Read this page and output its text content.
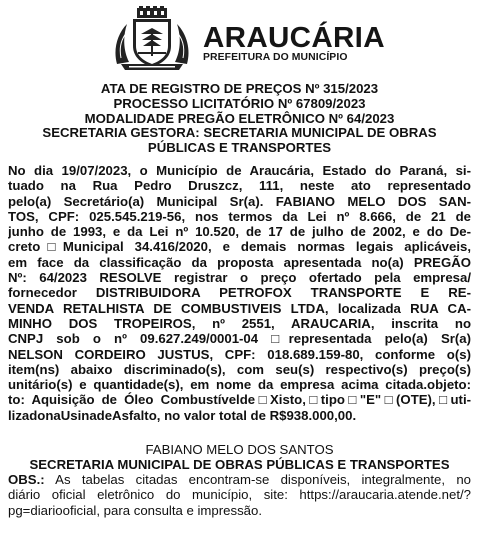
ARAUCÁRIA
PREFEITURA DO MUNICÍPIO
ATA DE REGISTRO DE PREÇOS Nº 315/2023
PROCESSO LICITATÓRIO Nº 67809/2023
MODALIDADE PREGÃO ELETRÔNICO Nº 64/2023
SECRETARIA GESTORA: SECRETARIA MUNICIPAL DE OBRAS
PÚBLICAS E TRANSPORTES
No dia 19/07/2023, o Município de Araucária, Estado do Paraná, si-
tuado na Rua Pedro Druszcz, 111, neste ato representado
pelo(a) Secretário(a) Municipal Sr(a). FABIANO MELO DOS SAN-
TOS, CPF: 025.545.219-56, nos termos da Lei nº 8.666, de 21 de
junho de 1993, e da Lei nº 10.520, de 17 de julho de 2002, e do De-
creto□Municipal 34.416/2020, e demais normas legais aplicáveis,
em face da classificação da proposta apresentada no(a) PREGÃO
Nº: 64/2023 RESOLVE registrar o preço ofertado pela empresa/
fornecedor DISTRIBUIDORA PETROFOX TRANSPORTE E RE-
VENDA RETALHISTA DE COMBUSTIVEIS LTDA, localizada RUA CA-
MINHO DOS TROPEIROS, nº 2551, ARAUCARIA, inscrita no
CNPJ sob o nº 09.627.249/0001-04 □representada pelo(a) Sr(a)
NELSON CORDEIRO JUSTUS, CPF: 018.689.159-80, conforme o(s)
item(ns) abaixo discriminado(s), com seu(s) respectivo(s) preço(s)
unitário(s) e quantidade(s), em nome da empresa acima citada.objeto:
to: Aquisição de Óleo Combustívelde□Xisto,□tipo□"E"□(OTE),□uti-
lizadonaUsinadeAsfalto, no valor total de R$938.000,00.
FABIANO MELO DOS SANTOS
SECRETARIA MUNICIPAL DE OBRAS PÚBLICAS E TRANSPORTES
OBS.: As tabelas citadas encontram-se disponíveis, integralmente, no
diário oficial eletrônico do município, site: https://araucaria.atende.net/?
pg=diariooficial, para consulta e impressão.
